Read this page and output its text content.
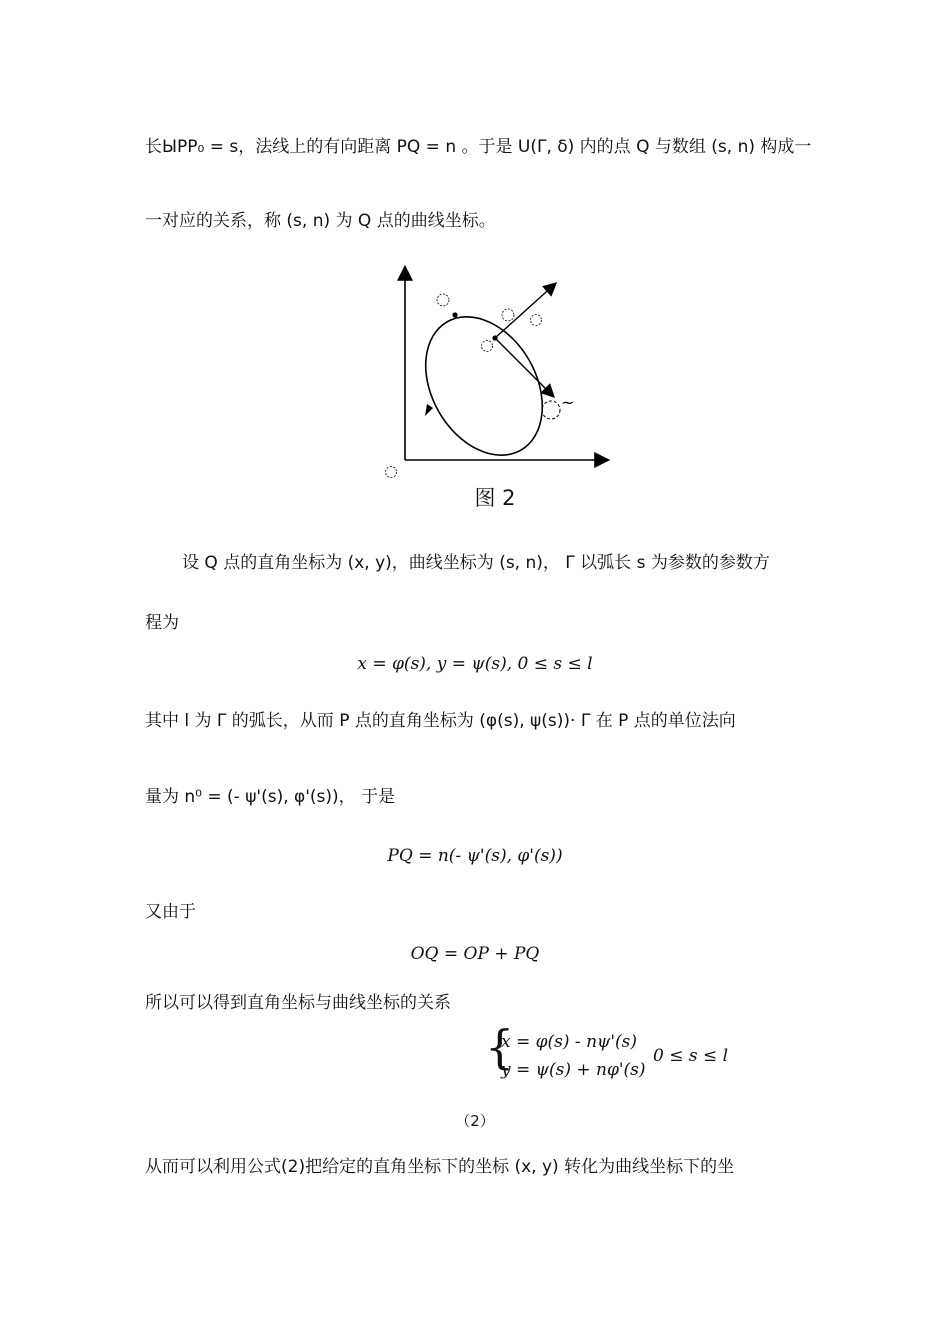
长ЫPP₀ = s，法线上的有向距离 PQ = n 。于是 U(Γ, δ) 内的点 Q 与数组 (s, n) 构成一
一对应的关系，称 (s, n) 为 Q 点的曲线坐标。
~
图 2
设 Q 点的直角坐标为 (x, y)，曲线坐标为 (s, n)， Γ 以弧长 s 为参数的参数方
程为
x = φ(s), y = ψ(s), 0 ≤ s ≤ l
其中 l 为 Γ 的弧长，从而 P 点的直角坐标为 (φ(s), ψ(s))· Γ 在 P 点的单位法向
量为 n⁰ = (- ψ'(s), φ'(s))， 于是
PQ = n(- ψ'(s), φ'(s))
又由于
OQ = OP + PQ
所以可以得到直角坐标与曲线坐标的关系
{
x = φ(s) - nψ'(s)
y = ψ(s) + nφ'(s)
0 ≤ s ≤ l
（2）
从而可以利用公式(2)把给定的直角坐标下的坐标 (x, y) 转化为曲线坐标下的坐
